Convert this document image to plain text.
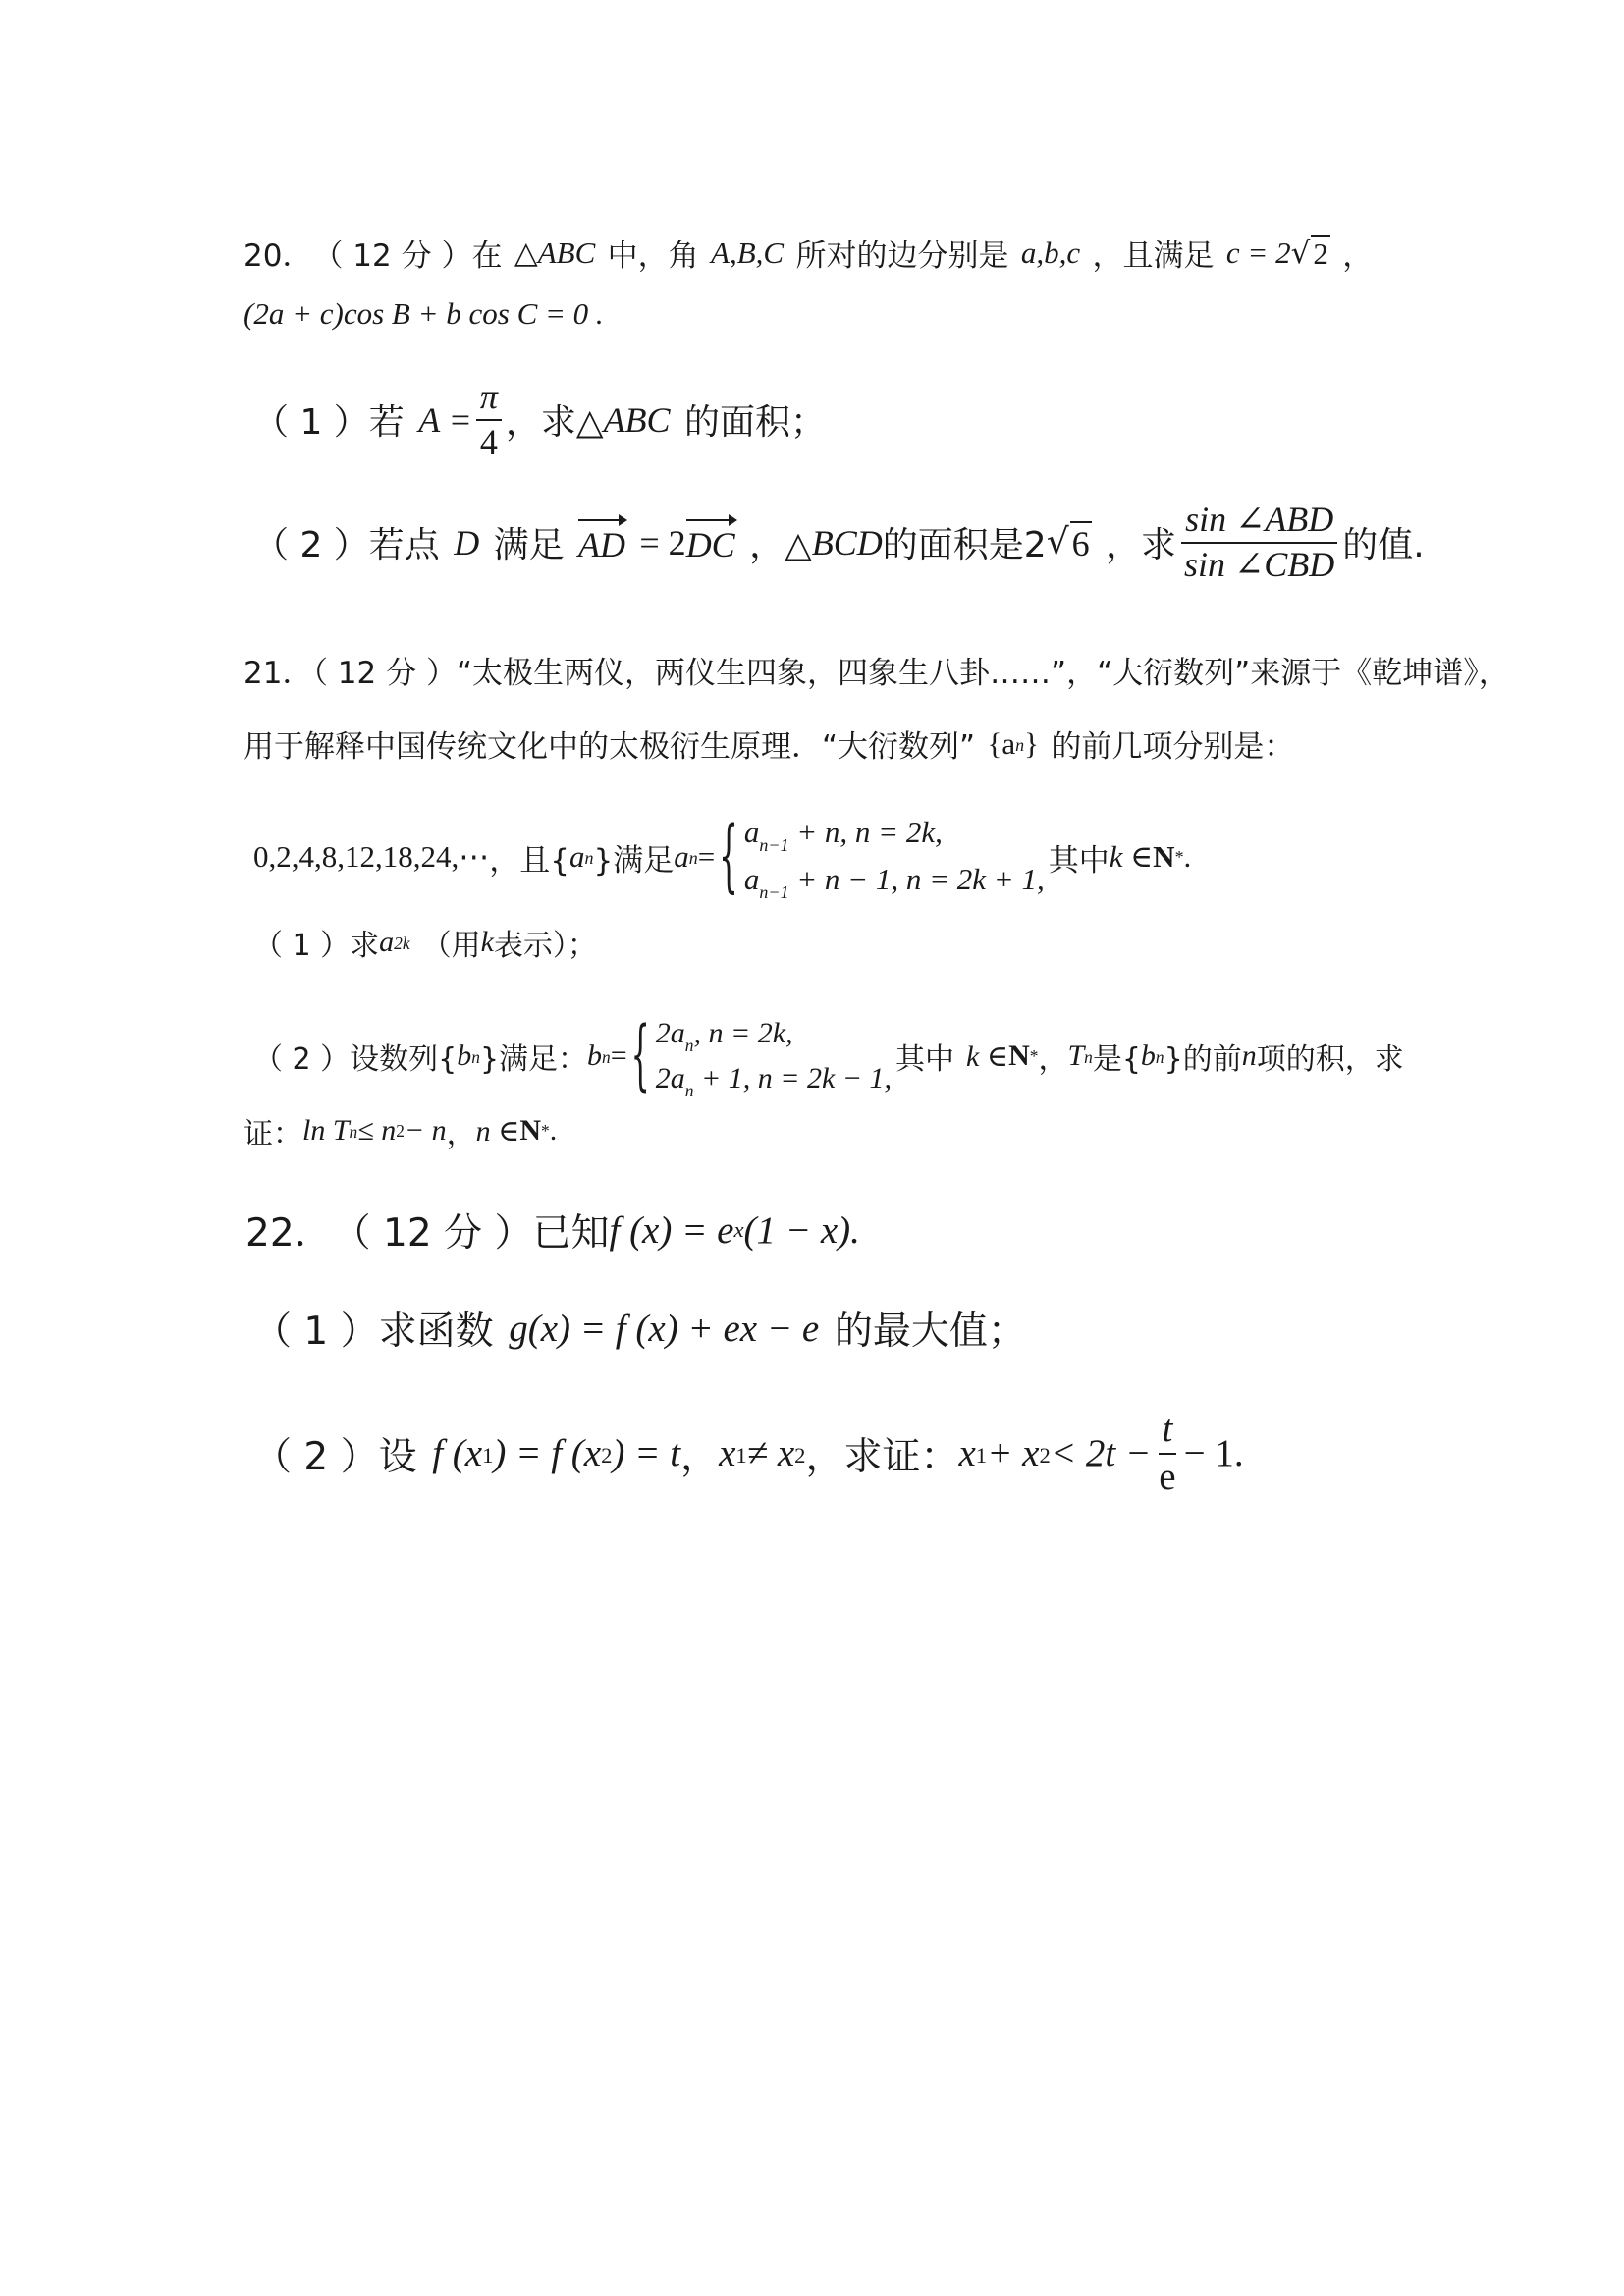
20． （ 12 分 ） 在 △ABC 中，角 A,B,C 所对的边分别是 a,b,c ，且满足 c = 2 √ 2 ，
(2a + c)cos B + b cos C = 0 .
（ 1 ）若 $A = \frac{\pi}{4}$ ，求△ ABC 的面积；
（ 2 ）若点 D 满足 AD = 2 DC ，△ BCD 的面积是2 √ 6 ，求 $\frac{\text{sin ∠ABD}}{\text{sin ∠CBD}}$ 的值.
21．（ 12 分 ）“太极生两仪，两仪生四象，四象生八卦……”，“大衍数列”来源于《乾坤谱》，
用于解释中国传统文化中的太极衍生原理．“大衍数列” {$a_n$ } 的前几项分别是：
0,2,4,8,12,18,24,⋯ ，且{ $a_n$ }满足 $a_n$ = { $a_{n-1} + n$, n = 2k,
$a_{n-1} + n - 1$, n = 2k + 1,
其中 k ∈ N * .
（ 1 ）求 $a_{2k}$ （用 k 表示）；
（ 2 ）设数列{ $b_n$ }满足： $b_n$ = { $2a_n$, n = 2k,
$2a_n + 1$, n = 2k − 1,
其中 k ∈ N * ， $T_n$ 是{ $b_n$ }的前 n 项的积，求
证： $\ln T_n \le n$ 2 − n ， n ∈ N * .
22． （ 12 分 ） 已知 f (x) = e x (1 − x).
（ 1 ）求函数 g(x) = f (x) + ex − e 的最大值；
（ 2 ）设 f ($x_1$ ) = f ($x_2$ ) = t ， $x_1 \ne x_2$ ，求证： $x_1 + x_2 < 2t - \frac{t}{e} - 1$.
